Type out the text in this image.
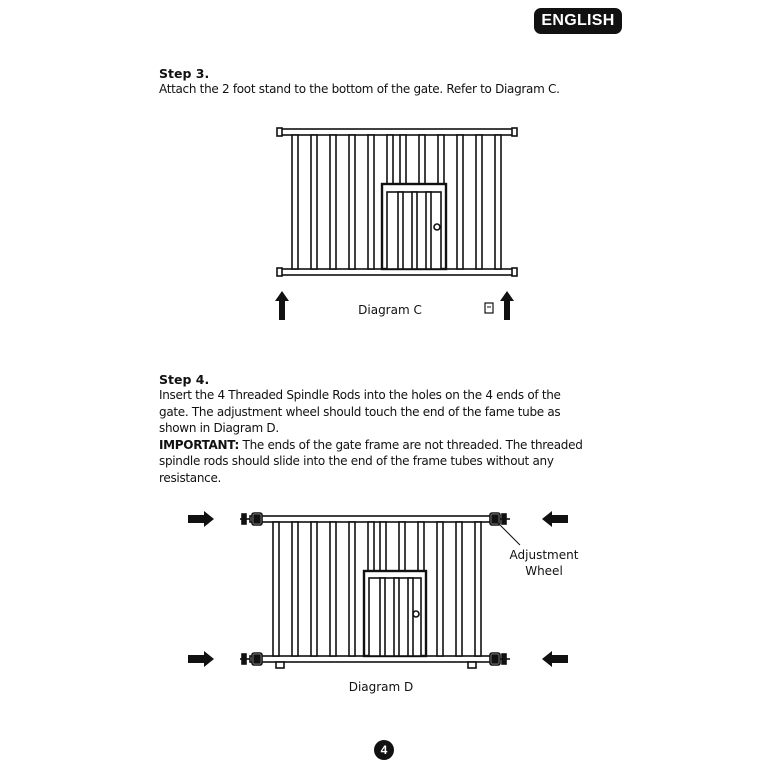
ENGLISH
Step 3.
Attach the 2 foot stand to the bottom of the gate. Refer to Diagram C.
Diagram C
Step 4.
Insert the 4 Threaded Spindle Rods into the holes on the 4 ends of the
gate. The adjustment wheel should touch the end of the fame tube as
shown in Diagram D.
IMPORTANT: The ends of the gate frame are not threaded. The threaded
spindle rods should slide into the end of the frame tubes without any
resistance.
Adjustment
Wheel
Diagram D
4
